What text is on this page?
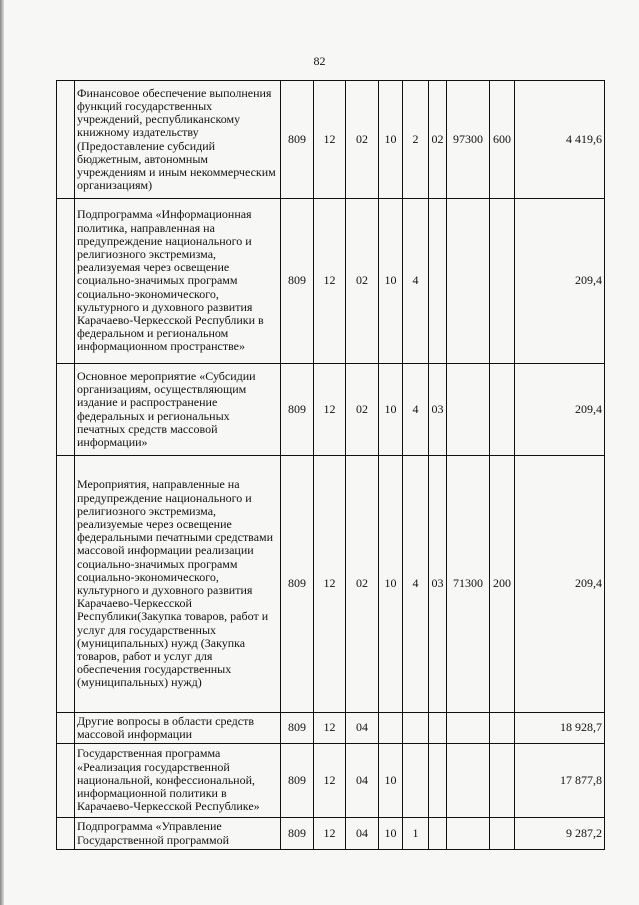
82
	Финансовое обеспечение выполнения функций государственных учреждений, республиканскому книжному издательству (Предоставление субсидий бюджетным, автономным учреждениям и иным некоммерческим организациям)	809	12	02	10	2	02	97300	600	4 419,6
	Подпрограмма «Информационная политика, направленная на предупреждение национального и религиозного экстремизма, реализуемая через освещение социально-значимых программ социально-экономического, культурного и духовного развития Карачаево-Черкесской Республики в федеральном и региональном информационном пространстве»	809	12	02	10	4				209,4
	Основное мероприятие «Субсидии организациям, осуществляющим издание и распространение федеральных и региональных печатных средств массовой информации»	809	12	02	10	4	03			209,4
	Мероприятия, направленные на предупреждение национального и религиозного экстремизма, реализуемые через освещение федеральными печатными средствами массовой информации реализации социально-значимых программ социально-экономического, культурного и духовного развития Карачаево-Черкесской Республики(Закупка товаров, работ и услуг для государственных (муниципальных) нужд (Закупка товаров, работ и услуг для обеспечения государственных (муниципальных) нужд)	809	12	02	10	4	03	71300	200	209,4
	Другие вопросы в области средств массовой информации	809	12	04						18 928,7
	Государственная программа «Реализация государственной национальной, конфессиональной, информационной политики в Карачаево-Черкесской Республике»	809	12	04	10					17 877,8
	Подпрограмма «Управление Государственной программой	809	12	04	10	1				9 287,2
